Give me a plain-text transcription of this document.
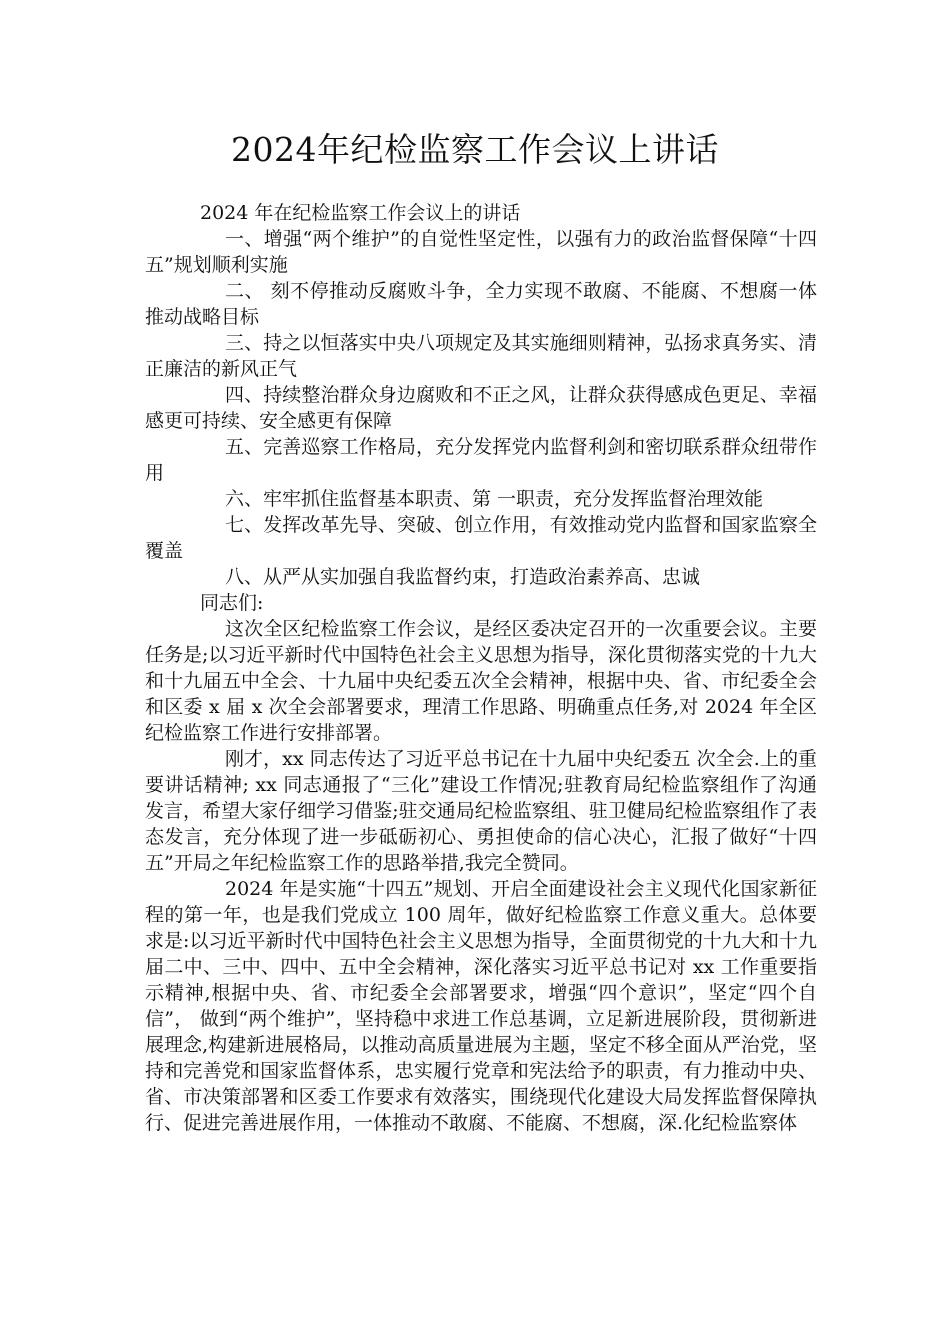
2024年纪检监察工作会议上讲话

2024 年在纪检监察工作会议上的讲话

一、增强“两个维护”的自觉性坚定性，以强有力的政治监督保障“十四五”规划顺利实施

二、 刻不停推动反腐败斗争，全力实现不敢腐、不能腐、不想腐一体推动战略目标

三、持之以恒落实中央八项规定及其实施细则精神，弘扬求真务实、清正廉洁的新风正气

四、持续整治群众身边腐败和不正之风，让群众获得感成色更足、幸福感更可持续、安全感更有保障

五、完善巡察工作格局，充分发挥党内监督利剑和密切联系群众纽带作用

六、牢牢抓住监督基本职责、第 一职责，充分发挥监督治理效能

七、发挥改革先导、突破、创立作用，有效推动党内监督和国家监察全覆盖

八、从严从实加强自我监督约束，打造政治素养高、忠诚

同志们:

这次全区纪检监察工作会议，是经区委决定召开的一次重要会议。主要任务是;以习近平新时代中国特色社会主义思想为指导，深化贯彻落实党的十九大和十九届五中全会、十九届中央纪委五次全会精神，根据中央、省、市纪委全会和区委 x 届 x 次全会部署要求，理清工作思路、明确重点任务,对 2024 年全区纪检监察工作进行安排部署。

刚才，xx 同志传达了习近平总书记在十九届中央纪委五 次全会.上的重要讲话精神; xx 同志通报了“三化”建设工作情况;驻教育局纪检监察组作了沟通发言，希望大家仔细学习借鉴;驻交通局纪检监察组、驻卫健局纪检监察组作了表态发言，充分体现了进一步砥砺初心、勇担使命的信心决心，汇报了做好“十四五”开局之年纪检监察工作的思路举措,我完全赞同。

2024 年是实施“十四五”规划、开启全面建设社会主义现代化国家新征程的第一年，也是我们党成立 100 周年，做好纪检监察工作意义重大。总体要求是:以习近平新时代中国特色社会主义思想为指导，全面贯彻党的十九大和十九届二中、三中、四中、五中全会精神，深化落实习近平总书记对 xx 工作重要指示精神,根据中央、省、市纪委全会部署要求，增强“四个意识”，坚定“四个自信”， 做到“两个维护”，坚持稳中求进工作总基调，立足新进展阶段，贯彻新进展理念,构建新进展格局，以推动高质量进展为主题，坚定不移全面从严治党，坚持和完善党和国家监督体系，忠实履行党章和宪法给予的职责，有力推动中央、省、市决策部署和区委工作要求有效落实，围绕现代化建设大局发挥监督保障执行、促进完善进展作用，一体推动不敢腐、不能腐、不想腐，深.化纪检监察体
